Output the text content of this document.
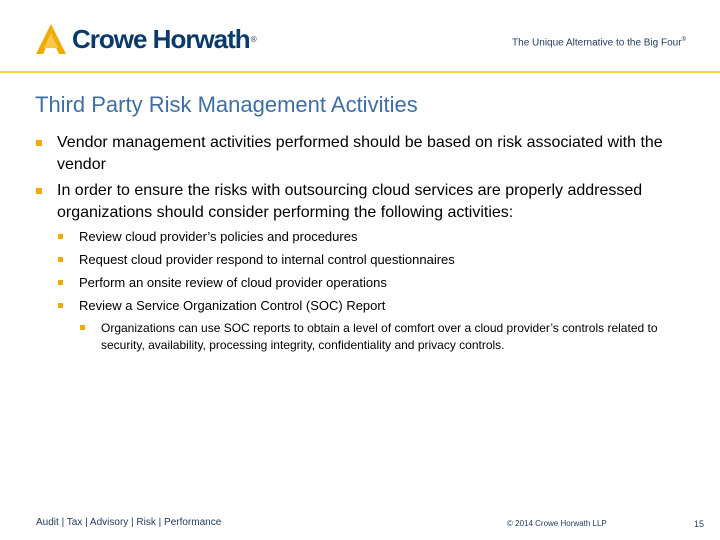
Crowe Horwath ®	The Unique Alternative to the Big Four®
Third Party Risk Management Activities
Vendor management activities performed should be based on risk associated with the vendor
In order to ensure the risks with outsourcing cloud services are properly addressed organizations should consider performing the following activities:
Review cloud provider’s policies and procedures
Request cloud provider respond to internal control questionnaires
Perform an onsite review of cloud provider operations
Review a Service Organization Control (SOC) Report
Organizations can use SOC reports to obtain a level of comfort over a cloud provider’s controls related to security, availability, processing integrity, confidentiality and privacy controls.
Audit | Tax | Advisory | Risk | Performance	© 2014 Crowe Horwath LLP	15
